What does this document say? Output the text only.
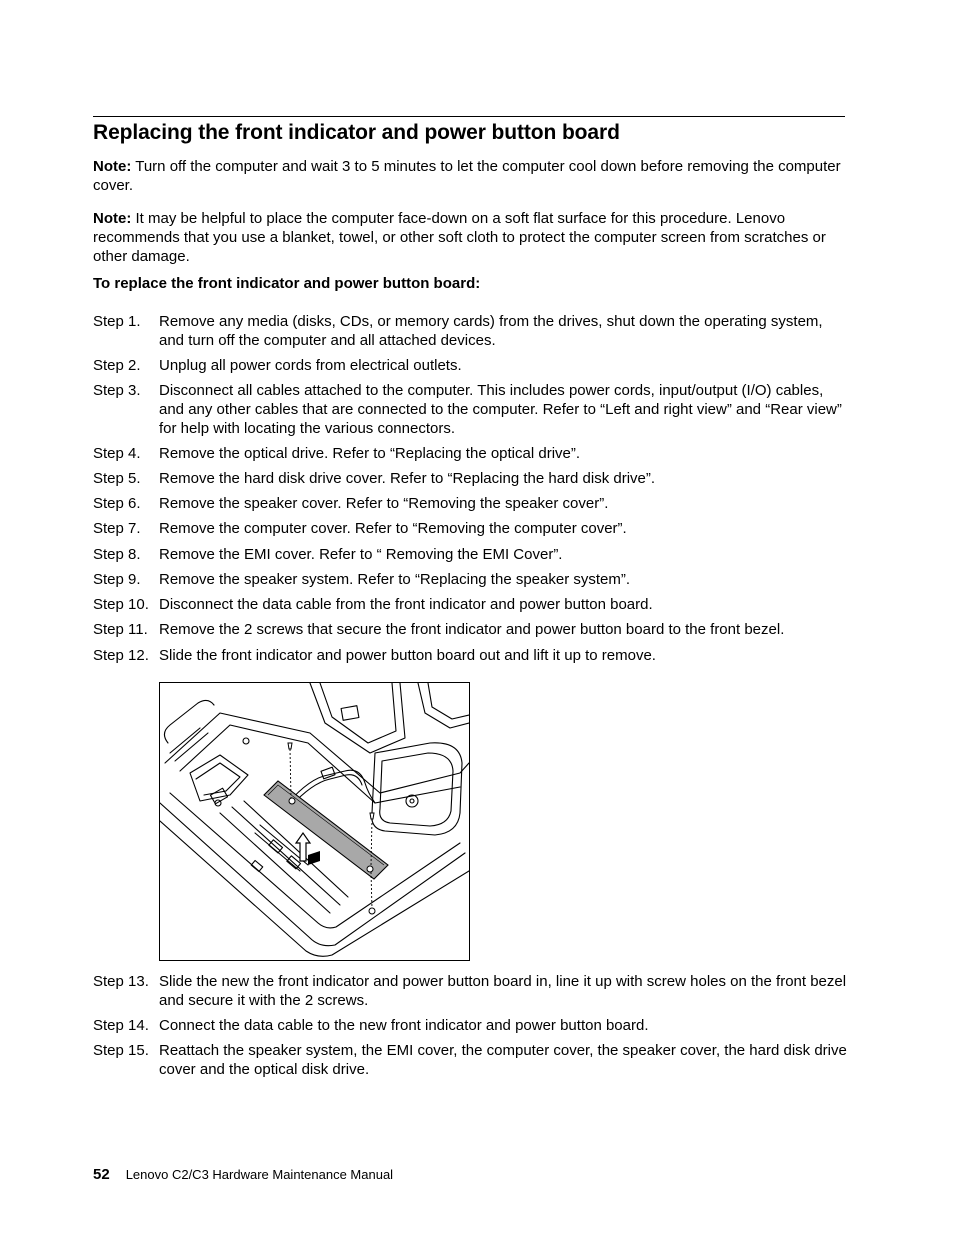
Replacing the front indicator and power button board

Note: Turn off the computer and wait 3 to 5 minutes to let the computer cool down before removing the computer cover.

Note: It may be helpful to place the computer face-down on a soft flat surface for this procedure. Lenovo recommends that you use a blanket, towel, or other soft cloth to protect the computer screen from scratches or other damage.

To replace the front indicator and power button board:

Step 1. Remove any media (disks, CDs, or memory cards) from the drives, shut down the operating system, and turn off the computer and all attached devices.
Step 2. Unplug all power cords from electrical outlets.
Step 3. Disconnect all cables attached to the computer. This includes power cords, input/output (I/O) cables, and any other cables that are connected to the computer. Refer to “Left and right view” and “Rear view” for help with locating the various connectors.
Step 4. Remove the optical drive. Refer to “Replacing the optical drive”.
Step 5. Remove the hard disk drive cover. Refer to “Replacing the hard disk drive”.
Step 6. Remove the speaker cover. Refer to “Removing the speaker cover”.
Step 7. Remove the computer cover. Refer to “Removing the computer cover”.
Step 8. Remove the EMI cover. Refer to “ Removing the EMI Cover”.
Step 9. Remove the speaker system. Refer to “Replacing the speaker system”.
Step 10. Disconnect the data cable from the front indicator and power button board.
Step 11. Remove the 2 screws that secure the front indicator and power button board to the front bezel.
Step 12. Slide the front indicator and power button board out and lift it up to remove.
Step 13. Slide the new the front indicator and power button board in, line it up with screw holes on the front bezel and secure it with the 2 screws.
Step 14. Connect the data cable to the new front indicator and power button board.
Step 15. Reattach the speaker system, the EMI cover, the computer cover, the speaker cover, the hard disk drive cover and the optical disk drive.
52 Lenovo C2/C3 Hardware Maintenance Manual
